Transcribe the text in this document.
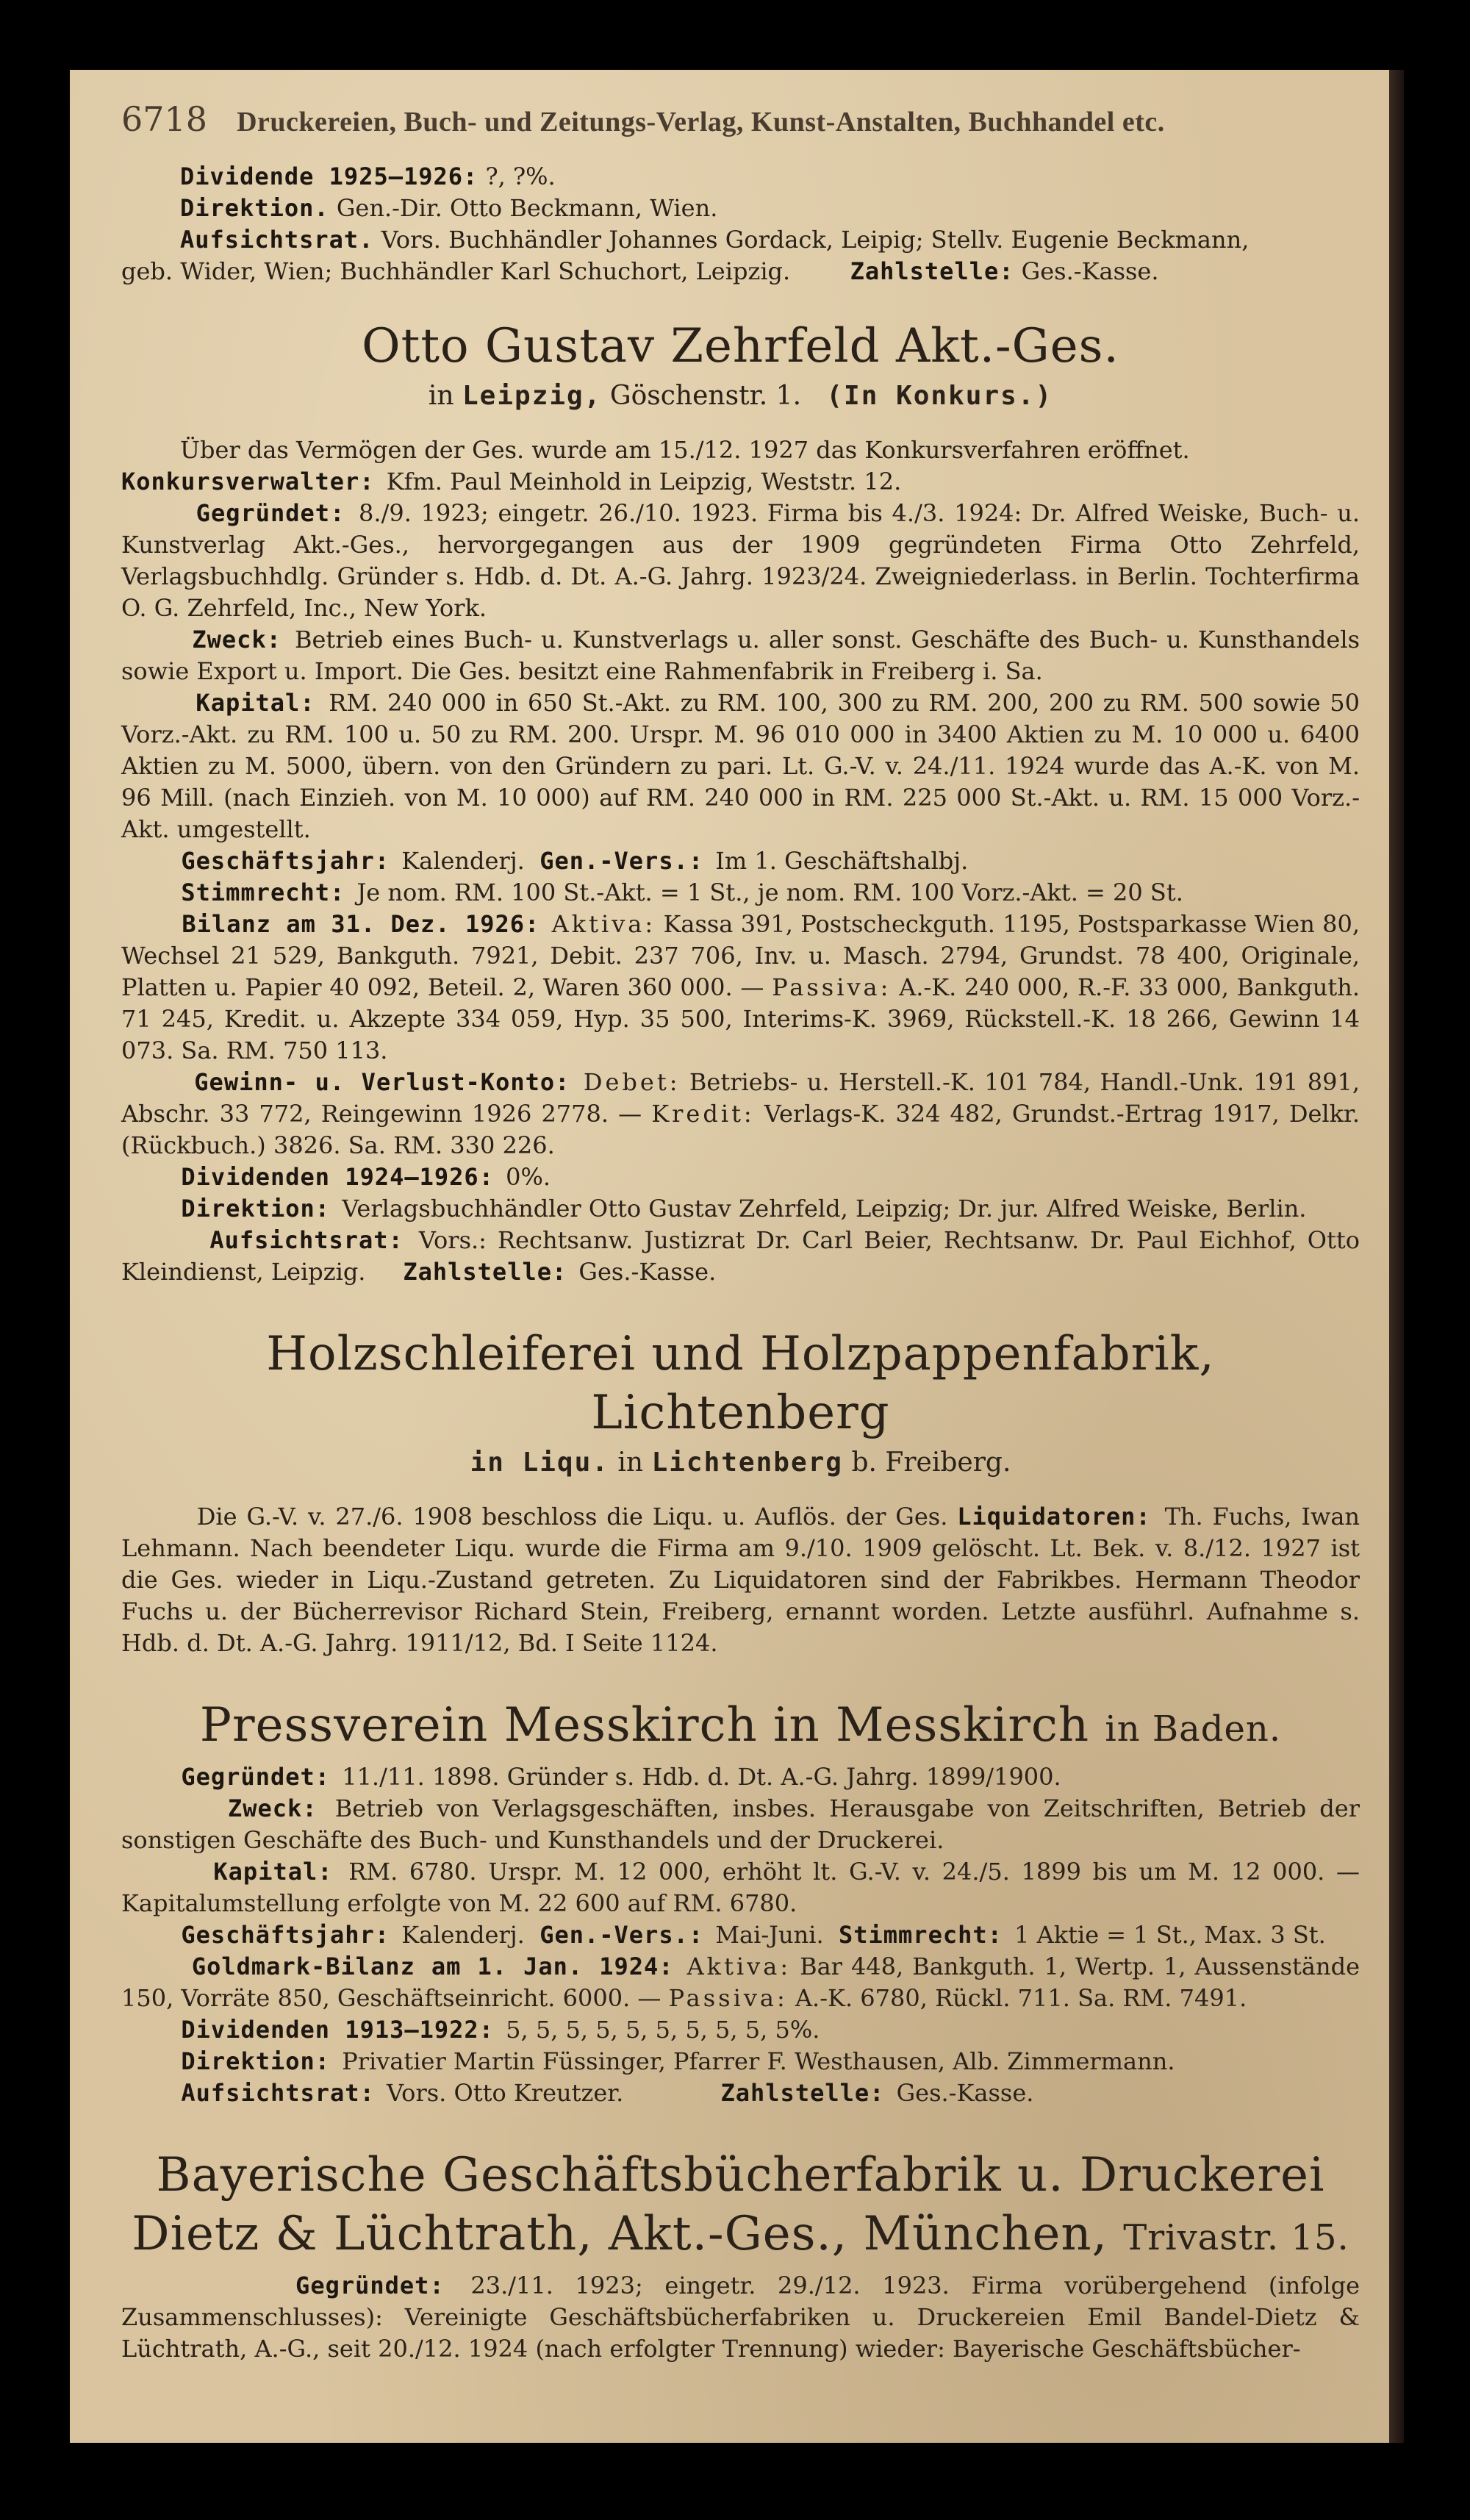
6718 Druckereien, Buch- und Zeitungs-Verlag, Kunst-Anstalten, Buchhandel etc.

Dividende 1925—1926: ?, ?%.

Direktion. Gen.-Dir. Otto Beckmann, Wien.

Aufsichtsrat. Vors. Buchhändler Johannes Gordack, Leipig; Stellv. Eugenie Beckmann,

geb. Wider, Wien; Buchhändler Karl Schuchort, Leipzig.	Zahlstelle: Ges.-Kasse.

Otto Gustav Zehrfeld Akt.-Ges.
in Leipzig, Göschenstr. 1. (In Konkurs.)

Über das Vermögen der Ges. wurde am 15./12. 1927 das Konkursverfahren eröffnet.

Konkursverwalter: Kfm. Paul Meinhold in Leipzig, Weststr. 12.

Gegründet: 8./9. 1923; eingetr. 26./10. 1923. Firma bis 4./3. 1924: Dr. Alfred Weiske, Buch- u. Kunstverlag Akt.-Ges., hervorgegangen aus der 1909 gegründeten Firma Otto Zehrfeld, Verlagsbuchhdlg. Gründer s. Hdb. d. Dt. A.-G. Jahrg. 1923/24. Zweigniederlass. in Berlin. Tochterfirma O. G. Zehrfeld, Inc., New York.

Zweck: Betrieb eines Buch- u. Kunstverlags u. aller sonst. Geschäfte des Buch- u. Kunsthandels sowie Export u. Import. Die Ges. besitzt eine Rahmenfabrik in Freiberg i. Sa.

Kapital: RM. 240 000 in 650 St.-Akt. zu RM. 100, 300 zu RM. 200, 200 zu RM. 500 sowie 50 Vorz.-Akt. zu RM. 100 u. 50 zu RM. 200. Urspr. M. 96 010 000 in 3400 Aktien zu M. 10 000 u. 6400 Aktien zu M. 5000, übern. von den Gründern zu pari. Lt. G.-V. v. 24./11. 1924 wurde das A.-K. von M. 96 Mill. (nach Einzieh. von M. 10 000) auf RM. 240 000 in RM. 225 000 St.-Akt. u. RM. 15 000 Vorz.-Akt. umgestellt.

Geschäftsjahr: Kalenderj. Gen.-Vers.: Im 1. Geschäftshalbj.

Stimmrecht: Je nom. RM. 100 St.-Akt. = 1 St., je nom. RM. 100 Vorz.-Akt. = 20 St.

Bilanz am 31. Dez. 1926: Aktiva: Kassa 391, Postscheckguth. 1195, Postsparkasse Wien 80, Wechsel 21 529, Bankguth. 7921, Debit. 237 706, Inv. u. Masch. 2794, Grundst. 78 400, Originale, Platten u. Papier 40 092, Beteil. 2, Waren 360 000. — Passiva: A.-K. 240 000, R.-F. 33 000, Bankguth. 71 245, Kredit. u. Akzepte 334 059, Hyp. 35 500, Interims-K. 3969, Rückstell.-K. 18 266, Gewinn 14 073. Sa. RM. 750 113.

Gewinn- u. Verlust-Konto: Debet: Betriebs- u. Herstell.-K. 101 784, Handl.-Unk. 191 891, Abschr. 33 772, Reingewinn 1926 2778. — Kredit: Verlags-K. 324 482, Grundst.-Ertrag 1917, Delkr. (Rückbuch.) 3826. Sa. RM. 330 226.

Dividenden 1924—1926: 0%.

Direktion: Verlagsbuchhändler Otto Gustav Zehrfeld, Leipzig; Dr. jur. Alfred Weiske, Berlin.

Aufsichtsrat: Vors.: Rechtsanw. Justizrat Dr. Carl Beier, Rechtsanw. Dr. Paul Eichhof, Otto Kleindienst, Leipzig. Zahlstelle: Ges.-Kasse.

Holzschleiferei und Holzpappenfabrik, Lichtenberg
in Liqu. in Lichtenberg b. Freiberg.

Die G.-V. v. 27./6. 1908 beschloss die Liqu. u. Auflös. der Ges. Liquidatoren: Th. Fuchs, Iwan Lehmann. Nach beendeter Liqu. wurde die Firma am 9./10. 1909 gelöscht. Lt. Bek. v. 8./12. 1927 ist die Ges. wieder in Liqu.-Zustand getreten. Zu Liquidatoren sind der Fabrikbes. Hermann Theodor Fuchs u. der Bücherrevisor Richard Stein, Freiberg, ernannt worden. Letzte ausführl. Aufnahme s. Hdb. d. Dt. A.-G. Jahrg. 1911/12, Bd. I Seite 1124.

Pressverein Messkirch in Messkirch in Baden.

Gegründet: 11./11. 1898. Gründer s. Hdb. d. Dt. A.-G. Jahrg. 1899/1900.

Zweck: Betrieb von Verlagsgeschäften, insbes. Herausgabe von Zeitschriften, Betrieb der sonstigen Geschäfte des Buch- und Kunsthandels und der Druckerei.

Kapital: RM. 6780. Urspr. M. 12 000, erhöht lt. G.-V. v. 24./5. 1899 bis um M. 12 000. — Kapitalumstellung erfolgte von M. 22 600 auf RM. 6780.

Geschäftsjahr: Kalenderj. Gen.-Vers.: Mai-Juni. Stimmrecht: 1 Aktie = 1 St., Max. 3 St.

Goldmark-Bilanz am 1. Jan. 1924: Aktiva: Bar 448, Bankguth. 1, Wertp. 1, Aussenstände 150, Vorräte 850, Geschäftseinricht. 6000. — Passiva: A.-K. 6780, Rückl. 711. Sa. RM. 7491.

Dividenden 1913—1922: 5, 5, 5, 5, 5, 5, 5, 5, 5, 5%.

Direktion: Privatier Martin Füssinger, Pfarrer F. Westhausen, Alb. Zimmermann.

Aufsichtsrat: Vors. Otto Kreutzer.	Zahlstelle: Ges.-Kasse.

Bayerische Geschäftsbücherfabrik u. Druckerei
Dietz & Lüchtrath, Akt.-Ges., München, Trivastr. 15.

Gegründet: 23./11. 1923; eingetr. 29./12. 1923. Firma vorübergehend (infolge Zusammenschlusses): Vereinigte Geschäftsbücherfabriken u. Druckereien Emil Bandel-Dietz & Lüchtrath, A.-G., seit 20./12. 1924 (nach erfolgter Trennung) wieder: Bayerische Geschäftsbücher-
